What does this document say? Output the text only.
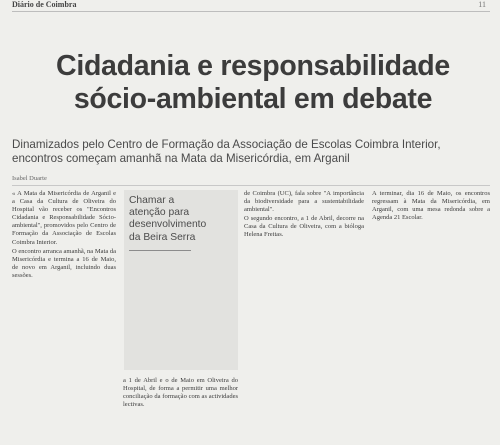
Diário de Coimbra	11
Cidadania e responsabilidade
sócio-ambiental em debate
Dinamizados pelo Centro de Formação da Associação de Escolas Coimbra Interior,
encontros começam amanhã na Mata da Misericórdia, em Arganil
Isabel Duarte

« A Mata da Misericórdia de Arganil e a Casa da Cultura de Oliveira do Hospital vão receber os "Encontros Cidadania e Responsabilidade Sócio-ambiental", promovidos pelo Centro de Formação da Associação de Escolas Coimbra Interior.

O encontro arranca amanhã, na Mata da Misericórdia e termina a 16 de Maio, de novo em Arganil, incluindo duas sessões.

Chamar a
atenção para
desenvolvimento
da Beira Serra

a 1 de Abril e o de Maio em Oliveira do Hospital, de forma a permitir uma melhor conciliação da formação com as actividades lectivas.

de Coimbra (UC), fala sobre "A importância da biodiversidade para a sustentabilidade ambiental".

O segundo encontro, a 1 de Abril, decorre na Casa da Cultura de Oliveira, com a bióloga Helena Freitas.

A terminar, dia 16 de Maio, os encontros regressam à Mata da Misericórdia, em Arganil, com uma mesa redonda sobre a Agenda 21 Escolar.
